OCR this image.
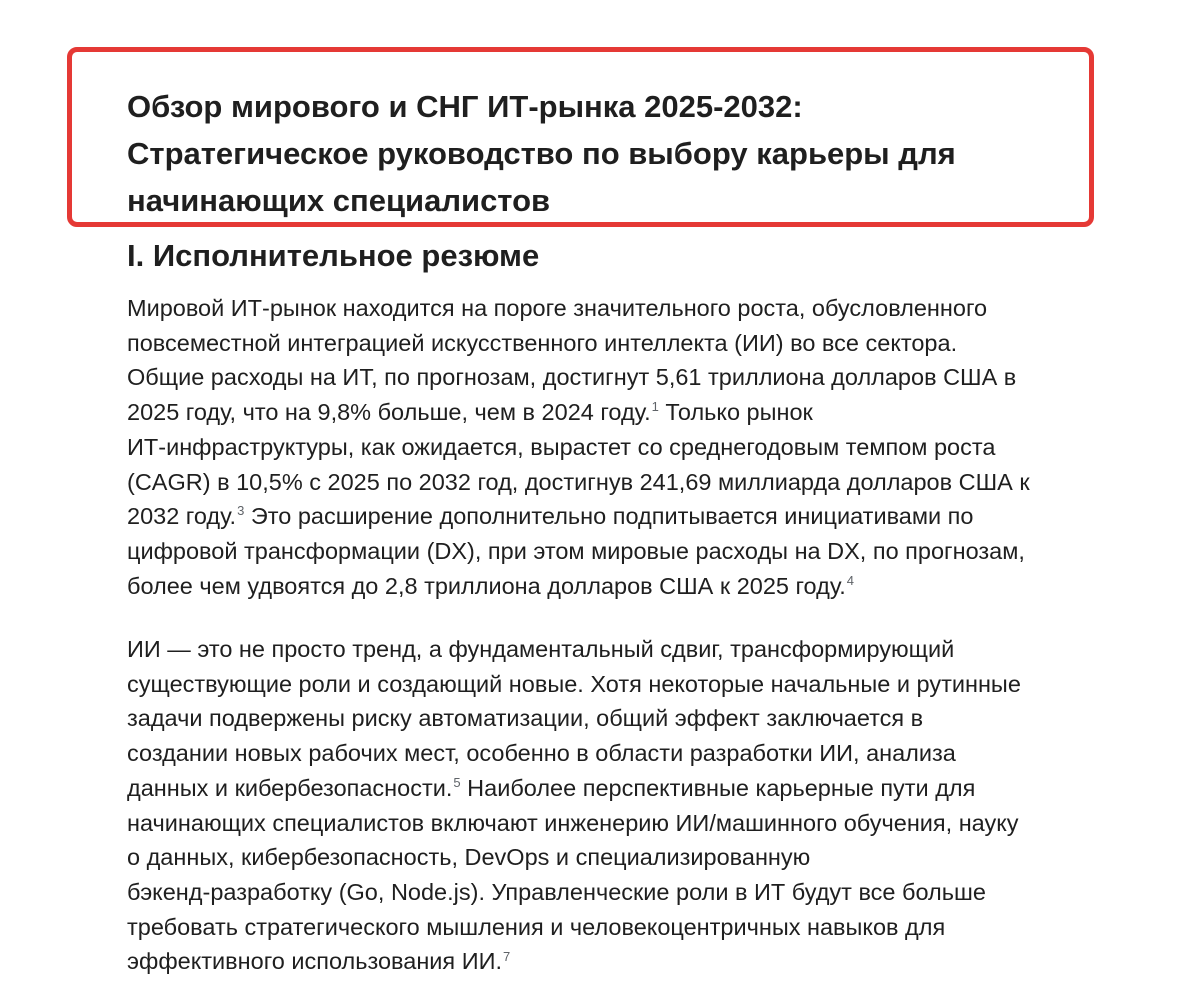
Обзор мирового и СНГ ИТ-рынка 2025-2032:
Стратегическое руководство по выбору карьеры для
начинающих специалистов
I. Исполнительное резюме

Мировой ИТ-рынок находится на пороге значительного роста, обусловленного
повсеместной интеграцией искусственного интеллекта (ИИ) во все сектора.
Общие расходы на ИТ, по прогнозам, достигнут 5,61 триллиона долларов США в
2025 году, что на 9,8% больше, чем в 2024 году.$^1$ Только рынок
ИТ-инфраструктуры, как ожидается, вырастет со среднегодовым темпом роста
(CAGR) в 10,5% с 2025 по 2032 год, достигнув 241,69 миллиарда долларов США к
2032 году.$^3$ Это расширение дополнительно подпитывается инициативами по
цифровой трансформации (DX), при этом мировые расходы на DX, по прогнозам,
более чем удвоятся до 2,8 триллиона долларов США к 2025 году.$^4$

ИИ — это не просто тренд, а фундаментальный сдвиг, трансформирующий
существующие роли и создающий новые. Хотя некоторые начальные и рутинные
задачи подвержены риску автоматизации, общий эффект заключается в
создании новых рабочих мест, особенно в области разработки ИИ, анализа
данных и кибербезопасности.$^5$ Наиболее перспективные карьерные пути для
начинающих специалистов включают инженерию ИИ/машинного обучения, науку
о данных, кибербезопасность, DevOps и специализированную
бэкенд-разработку (Go, Node.js). Управленческие роли в ИТ будут все больше
требовать стратегического мышления и человекоцентричных навыков для
эффективного использования ИИ.$^7$
